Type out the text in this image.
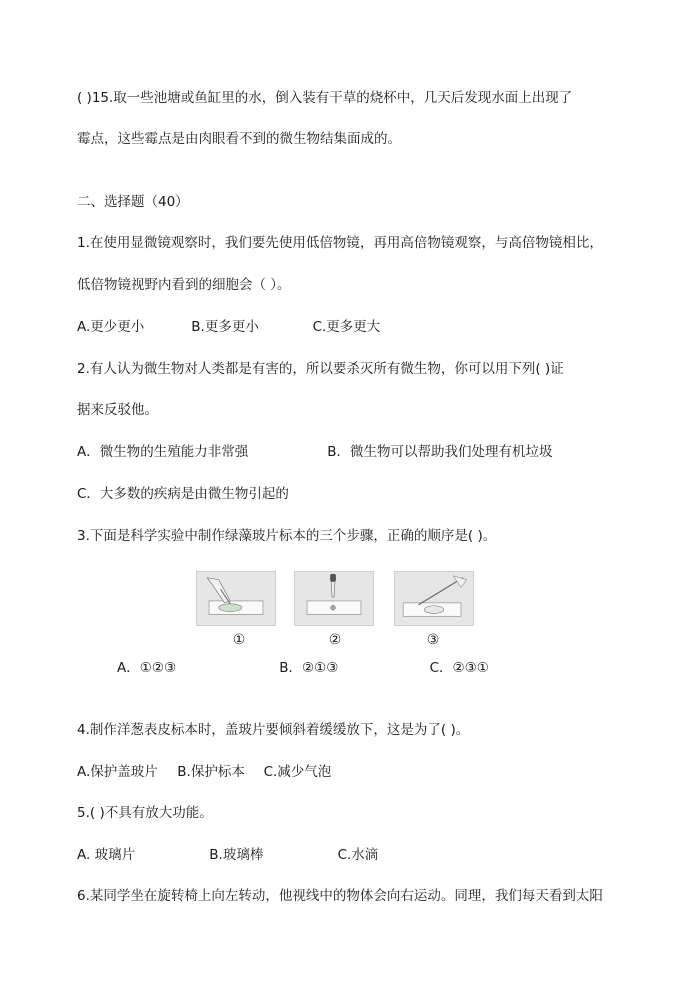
( )15.取一些池塘或鱼缸里的水，倒入装有干草的烧杯中，几天后发现水面上出现了
霉点，这些霉点是由肉眼看不到的微生物结集面成的。
二、选择题（40）
1.在使用显微镜观察时，我们要先使用低倍物镜，再用高倍物镜观察，与高倍物镜相比，
低倍物镜视野内看到的细胞会（ ）。
A.更少更小	B.更多更小	C.更多更大
2.有人认为微生物对人类都是有害的，所以要杀灭所有微生物，你可以用下列( )证
据来反驳他。
A．微生物的生殖能力非常强	B．微生物可以帮助我们处理有机垃圾
C．大多数的疾病是由微生物引起的
3.下面是科学实验中制作绿藻玻片标本的三个步骤，正确的顺序是( )。
①	②	③
A．①②③	B．②①③	C．②③①
4.制作洋葱表皮标本时，盖玻片要倾斜着缓缓放下，这是为了( )。
A.保护盖玻片 B.保护标本 C.减少气泡
5.( )不具有放大功能。
A. 玻璃片	B.玻璃棒	C.水滴
6.某同学坐在旋转椅上向左转动，他视线中的物体会向右运动。同理，我们每天看到太阳
